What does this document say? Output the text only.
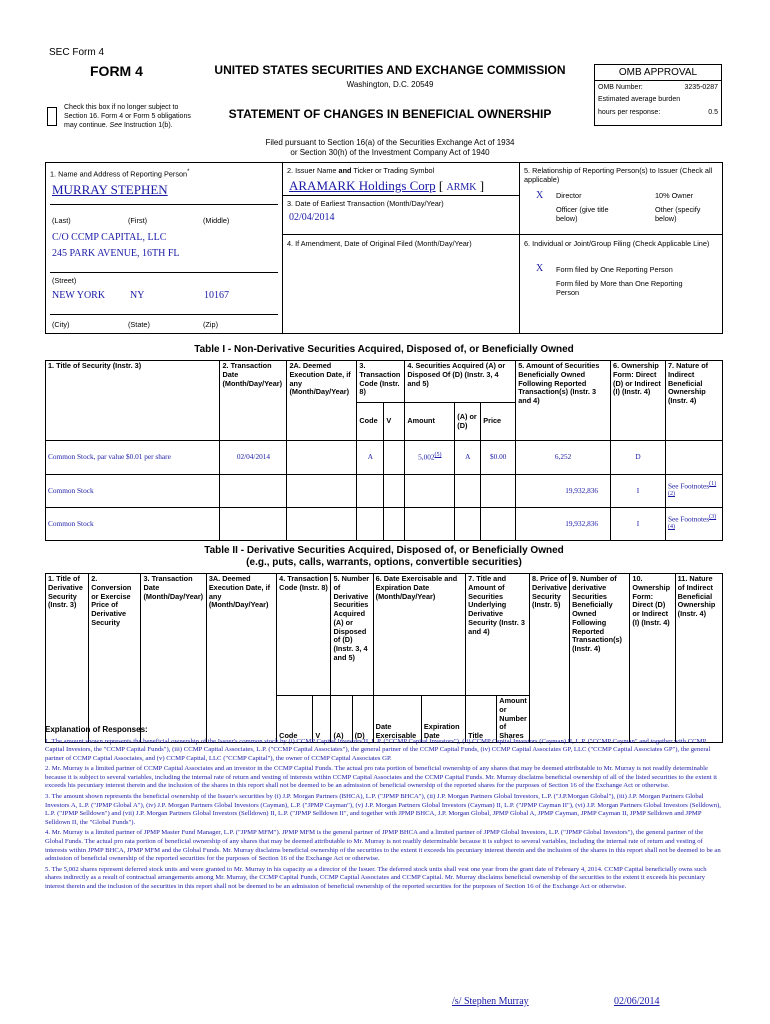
SEC Form 4
FORM 4	UNITED STATES SECURITIES AND EXCHANGE COMMISSION
Washington, D.C. 20549
Check this box if no longer subject to Section 16. Form 4 or Form 5 obligations may continue. See Instruction 1(b).
STATEMENT OF CHANGES IN BENEFICIAL OWNERSHIP
Filed pursuant to Section 16(a) of the Securities Exchange Act of 1934
or Section 30(h) of the Investment Company Act of 1940
OMB APPROVAL
OMB Number:	3235-0287
Estimated average burden
hours per response:	0.5
1. Name and Address of Reporting Person*
MURRAY STEPHEN
(Last)	(First)	(Middle)
C/O CCMP CAPITAL, LLC
245 PARK AVENUE, 16TH FL
(Street)
NEW YORK NY	10167
(City)	(State)	(Zip)
2. Issuer Name and Ticker or Trading Symbol
ARAMARK Holdings Corp [ ARMK ]
3. Date of Earliest Transaction (Month/Day/Year)
02/04/2014
4. If Amendment, Date of Original Filed (Month/Day/Year)
5. Relationship of Reporting Person(s) to Issuer (Check all applicable)
X Director	10% Owner
Officer (give title below)
Other (specify below)
6. Individual or Joint/Group Filing (Check Applicable Line)
X Form filed by One Reporting Person
Form filed by More than One Reporting Person
Table I - Non-Derivative Securities Acquired, Disposed of, or Beneficially Owned
1. Title of Security (Instr. 3)	2. Transaction Date (Month/Day/Year)	2A. Deemed Execution Date, if any (Month/Day/Year)	3. Transaction Code (Instr. 8)		4. Securities Acquired (A) or Disposed Of (D) (Instr. 3, 4 and 5)			5. Amount of Securities Beneficially Owned Following Reported Transaction(s) (Instr. 3 and 4)	6. Ownership Form: Direct (D) or Indirect (I) (Instr. 4)	7. Nature of Indirect Beneficial Ownership (Instr. 4)
			Code	V	Amount	(A) or (D)	Price			
Common Stock, par value $0.01 per share	02/04/2014		A		5,002$^{(5)}$	A	$0.00	6,252	D	
Common Stock								19,932,836	I	See Footnotes$^{(1)(2)}$
Common Stock								19,932,836	I	See Footnotes$^{(3)(4)}$
Table II - Derivative Securities Acquired, Disposed of, or Beneficially Owned
(e.g., puts, calls, warrants, options, convertible securities)
1. Title of Derivative Security (Instr. 3)	2. Conversion or Exercise Price of Derivative Security	3. Transaction Date (Month/Day/Year)	3A. Deemed Execution Date, if any (Month/Day/Year)	4. Transaction Code (Instr. 8)		5. Number of Derivative Securities Acquired (A) or Disposed of (D) (Instr. 3, 4 and 5)		6. Date Exercisable and Expiration Date (Month/Day/Year)		7. Title and Amount of Securities Underlying Derivative Security (Instr. 3 and 4)		8. Price of Derivative Security (Instr. 5)	9. Number of derivative Securities Beneficially Owned Following Reported Transaction(s) (Instr. 4)	10. Ownership Form: Direct (D) or Indirect (I) (Instr. 4)	11. Nature of Indirect Beneficial Ownership (Instr. 4)
				Code	V	(A)	(D)	Date Exercisable	Expiration Date	Title	Amount or Number of Shares				
Explanation of Responses:

1. The amount shown represents the beneficial ownership of the Issuer's common stock by (i) CCMP Capital Investors II, L.P. ("CCMP Capital Investors"), (ii) CCMP Capital Investors (Cayman) II, L.P. ("CCMP Cayman" and together with CCMP Capital Investors, the "CCMP Capital Funds"), (iii) CCMP Capital Associates, L.P. ("CCMP Capital Associates"), the general partner of the CCMP Capital Funds, (iv) CCMP Capital Associates GP, LLC ("CCMP Capital Associates GP"), the general partner of CCMP Capital Associates, and (v) CCMP Capital, LLC ("CCMP Capital"), the owner of CCMP Capital Associates GP.

2. Mr. Murray is a limited partner of CCMP Capital Associates and an investor in the CCMP Capital Funds. The actual pro rata portion of beneficial ownership of any shares that may be deemed attributable to Mr. Murray is not readily determinable because it is subject to several variables, including the internal rate of return and vesting of interests within CCMP Capital Associates and the CCMP Capital Funds. Mr. Murray disclaims beneficial ownership of all of the listed securities to the extent it exceeds his pecuniary interest therein and the inclusion of the shares in this report shall not be deemed to be an admission of beneficial ownership of the reported shares for the purposes of Section 16 of the Exchange Act or otherwise.

3. The amount shown represents the beneficial ownership of the Issuer's securities by (i) J.P. Morgan Partners (BHCA), L.P. ("JPMP BHCA"), (ii) J.P. Morgan Partners Global Investors, L.P. ("J.P.Morgan Global"), (iii) J.P. Morgan Partners Global Investors A, L.P. ("JPMP Global A"), (iv) J.P. Morgan Partners Global Investors (Cayman), L.P. ("JPMP Cayman"), (v) J.P. Morgan Partners Global Investors (Cayman) II, L.P. ("JPMP Cayman II"), (vi) J.P. Morgan Partners Global Investors (Selldown), L.P. ("JPMP Selldown") and (vii) J.P. Morgan Partners Global Investors (Selldown) II, L.P. ("JPMP Selldown II", and together with JPMP BHCA, J.P. Morgan Global, JPMP Global A, JPMP Cayman, JPMP Cayman II, JPMP Selldown and JPMP Selldown II, the "Global Funds").

4. Mr. Murray is a limited partner of JPMP Master Fund Manager, L.P. ("JPMP MFM"). JPMP MFM is the general partner of JPMP BHCA and a limited partner of JPMP Global Investors, L.P. ("JPMP Global Investors"), the general partner of the Global Funds. The actual pro rata portion of beneficial ownership of any shares that may be deemed attributable to Mr. Murray is not readily determinable because it is subject to several variables, including the internal rate of return and vesting of interests within JPMP BHCA, JPMP MFM and the Global Funds. Mr. Murray disclaims beneficial ownership of the securities to the extent it exceeds his pecuniary interest therein and the inclusion of the shares in this report shall not be deemed to be an admission of beneficial ownership of the reported securities for the purposes of Section 16 of the Exchange Act or otherwise.

5. The 5,002 shares represent deferred stock units and were granted to Mr. Murray in his capacity as a director of the Issuer. The deferred stock units shall vest one year from the grant date of February 4, 2014. CCMP Capital beneficially owns such shares indirectly as a result of contractual arrangements among Mr. Murray, the CCMP Capital Funds, CCMP Capital Associates and CCMP Capital. Mr. Murray disclaims beneficial ownership of the securities to the extent it exceeds his pecuniary interest therein and the inclusion of the securities in this report shall not be deemed to be an admission of beneficial ownership of the reported securities for the purposes of Section 16 of the Exchange Act or otherwise.

/s/ Stephen Murray	02/06/2014
